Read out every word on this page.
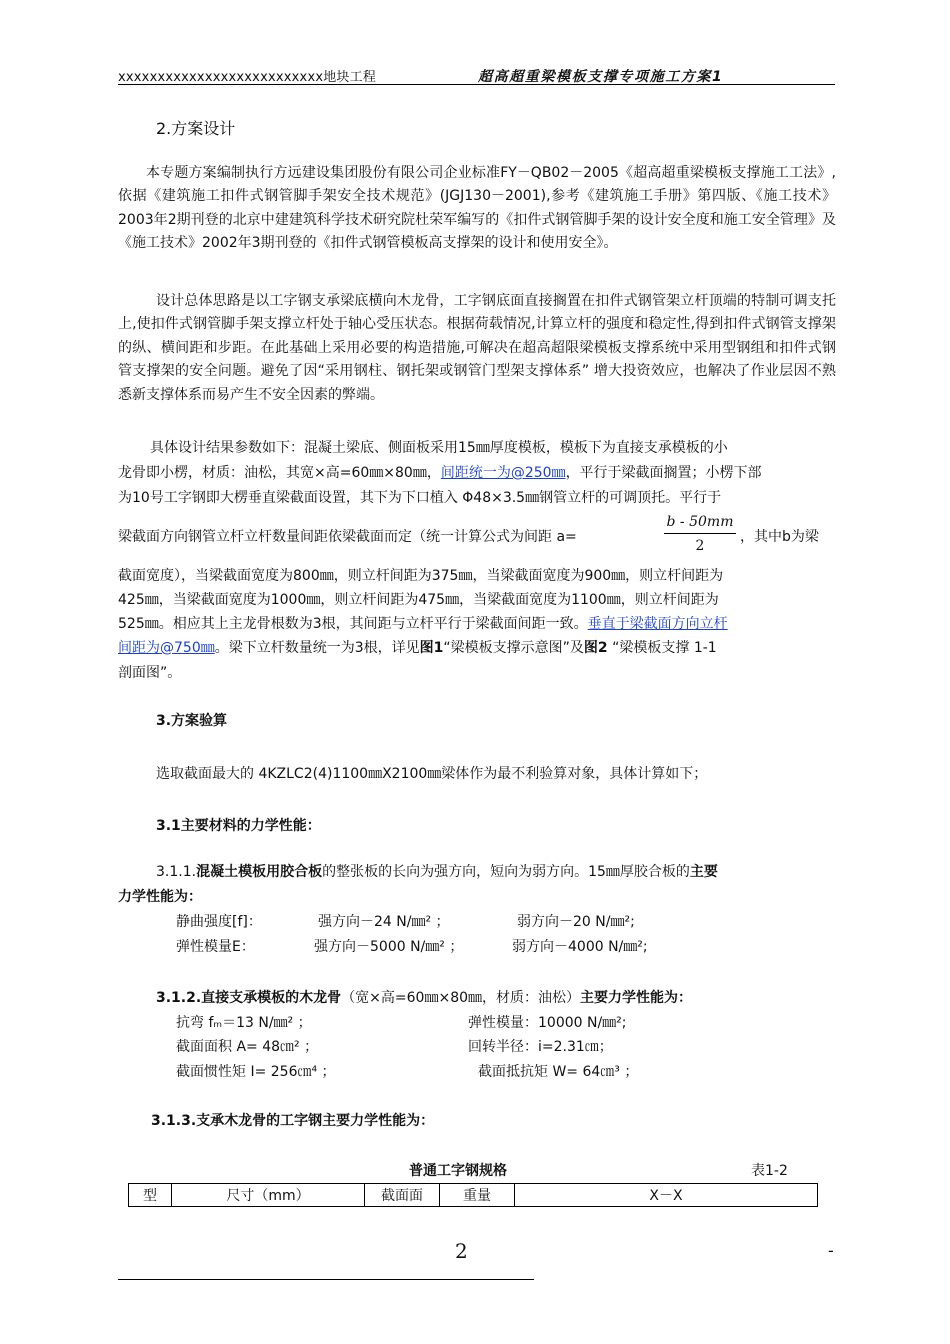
xxxxxxxxxxxxxxxxxxxxxxxxxx地块工程	超高超重梁模板支撑专项施工方案1
2.方案设计
本专题方案编制执行方远建设集团股份有限公司企业标准FY－QB02－2005《超高超重梁模板支撑施工工法》,依据《建筑施工扣件式钢管脚手架安全技术规范》(JGJ130－2001),参考《建筑施工手册》第四版、《施工技术》2003年2期刊登的北京中建建筑科学技术研究院杜荣军编写的《扣件式钢管脚手架的设计安全度和施工安全管理》及《施工技术》2002年3期刊登的《扣件式钢管模板高支撑架的设计和使用安全》。
设计总体思路是以工字钢支承梁底横向木龙骨，工字钢底面直接搁置在扣件式钢管架立杆顶端的特制可调支托上,使扣件式钢管脚手架支撑立杆处于轴心受压状态。根据荷载情况,计算立杆的强度和稳定性,得到扣件式钢管支撑架的纵、横间距和步距。在此基础上采用必要的构造措施,可解决在超高超限梁模板支撑系统中采用型钢组和扣件式钢管支撑架的安全问题。避免了因“采用钢柱、钢托架或钢管门型架支撑体系” 增大投资效应，也解决了作业层因不熟悉新支撑体系而易产生不安全因素的弊端。
具体设计结果参数如下：混凝土梁底、侧面板采用15㎜厚度模板，模板下为直接支承模板的小
龙骨即小楞，材质：油松，其宽×高=60㎜×80㎜，间距统一为@250㎜，平行于梁截面搁置；小楞下部
为10号工字钢即大楞垂直梁截面设置，其下为下口植入 Φ48×3.5㎜钢管立杆的可调顶托。平行于
梁截面方向钢管立杆立杆数量间距依梁截面而定（统一计算公式为间距 a=
b - 50mm
2
，其中b为梁
截面宽度），当梁截面宽度为800㎜，则立杆间距为375㎜，当梁截面宽度为900㎜，则立杆间距为
425㎜，当梁截面宽度为1000㎜，则立杆间距为475㎜，当梁截面宽度为1100㎜，则立杆间距为
525㎜。相应其上主龙骨根数为3根，其间距与立杆平行于梁截面间距一致。垂直于梁截面方向立杆
间距为@750㎜。梁下立杆数量统一为3根，详见图1“梁模板支撑示意图”及图2 “梁模板支撑 1-1
剖面图”。
3.方案验算
选取截面最大的 4KZLC2(4)1100㎜X2100㎜梁体作为最不利验算对象，具体计算如下；
3.1主要材料的力学性能：
3.1.1.混凝土模板用胶合板的整张板的长向为强方向，短向为弱方向。15㎜厚胶合板的主要
力学性能为：
静曲强度[f]：	强方向－24 N/㎜² ；	弱方向－20 N/㎜²;
弹性模量E：	强方向－5000 N/㎜² ；	弱方向－4000 N/㎜²;
3.1.2.直接支承模板的木龙骨（宽×高=60㎜×80㎜，材质：油松）主要力学性能为：
抗弯 fₘ＝13 N/㎜² ；	弹性模量：10000 N/㎜²;
截面面积 A= 48㎝² ；	回转半径：i=2.31㎝；
截面惯性矩 I= 256㎝⁴ ；	截面抵抗矩 W= 64㎝³ ；
3.1.3.支承木龙骨的工字钢主要力学性能为：
普通工字钢规格	表1-2
型	尺寸（mm）	截面面	重量	X－X
2	-
